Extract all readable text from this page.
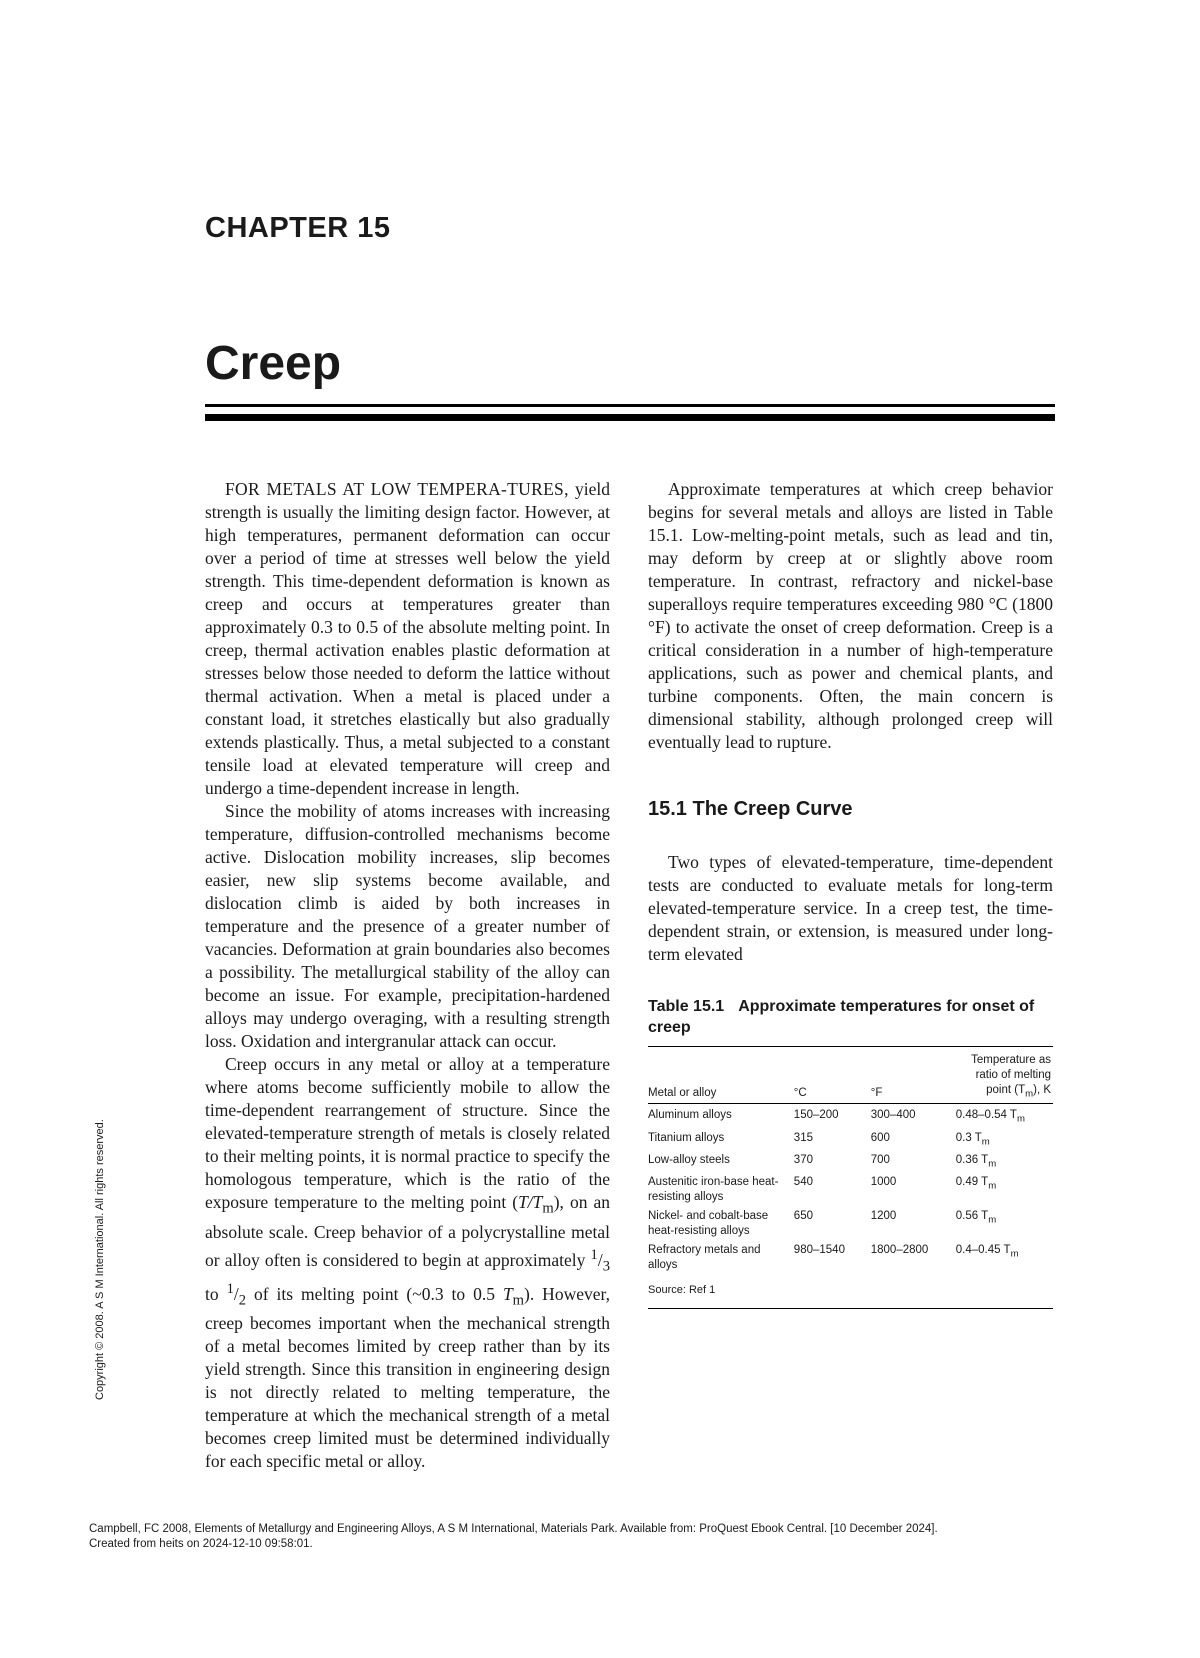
CHAPTER 15
Creep

FOR METALS AT LOW TEMPERA-TURES, yield strength is usually the limiting design factor. However, at high temperatures, permanent deformation can occur over a period of time at stresses well below the yield strength. This time-dependent deformation is known as creep and occurs at temperatures greater than approximately 0.3 to 0.5 of the absolute melting point. In creep, thermal activation enables plastic deformation at stresses below those needed to deform the lattice without thermal activation. When a metal is placed under a constant load, it stretches elastically but also gradually extends plastically. Thus, a metal subjected to a constant tensile load at elevated temperature will creep and undergo a time-dependent increase in length.

Since the mobility of atoms increases with increasing temperature, diffusion-controlled mechanisms become active. Dislocation mobility increases, slip becomes easier, new slip systems become available, and dislocation climb is aided by both increases in temperature and the presence of a greater number of vacancies. Deformation at grain boundaries also becomes a possibility. The metallurgical stability of the alloy can become an issue. For example, precipitation-hardened alloys may undergo overaging, with a resulting strength loss. Oxidation and intergranular attack can occur.

Creep occurs in any metal or alloy at a temperature where atoms become sufficiently mobile to allow the time-dependent rearrangement of structure. Since the elevated-temperature strength of metals is closely related to their melting points, it is normal practice to specify the homologous temperature, which is the ratio of the exposure temperature to the melting point $(T/T_m)$, on an absolute scale. Creep behavior of a polycrystalline metal or alloy often is considered to begin at approximately $^1/_3$ to $^1/_2$ of its melting point (~0.3 to 0.5 $T_m$). However, creep becomes important when the mechanical strength of a metal becomes limited by creep rather than by its yield strength. Since this transition in engineering design is not directly related to melting temperature, the temperature at which the mechanical strength of a metal becomes creep limited must be determined individually for each specific metal or alloy.

Approximate temperatures at which creep behavior begins for several metals and alloys are listed in Table 15.1. Low-melting-point metals, such as lead and tin, may deform by creep at or slightly above room temperature. In contrast, refractory and nickel-base superalloys require temperatures exceeding 980 °C (1800 °F) to activate the onset of creep deformation. Creep is a critical consideration in a number of high-temperature applications, such as power and chemical plants, and turbine components. Often, the main concern is dimensional stability, although prolonged creep will eventually lead to rupture.

15.1 The Creep Curve

Two types of elevated-temperature, time-dependent tests are conducted to evaluate metals for long-term elevated-temperature service. In a creep test, the time-dependent strain, or extension, is measured under long-term elevated

Table 15.1 Approximate temperatures for onset of creep
Metal or alloy	°C	°F	Temperature as
ratio of melting
point $(T_m)$, K
Aluminum alloys	150–200	300–400	0.48–0.54 $T_m$
Titanium alloys	315	600	0.3 $T_m$
Low-alloy steels	370	700	0.36 $T_m$
Austenitic iron-base heat-resisting alloys	540	1000	0.49 $T_m$
Nickel- and cobalt-base heat-resisting alloys	650	1200	0.56 $T_m$
Refractory metals and alloys	980–1540	1800–2800	0.4–0.45 $T_m$
Source: Ref 1
Copyright © 2008. A S M International. All rights reserved.
Campbell, FC 2008, Elements of Metallurgy and Engineering Alloys, A S M International, Materials Park. Available from: ProQuest Ebook Central. [10 December 2024].
Created from heits on 2024-12-10 09:58:01.
